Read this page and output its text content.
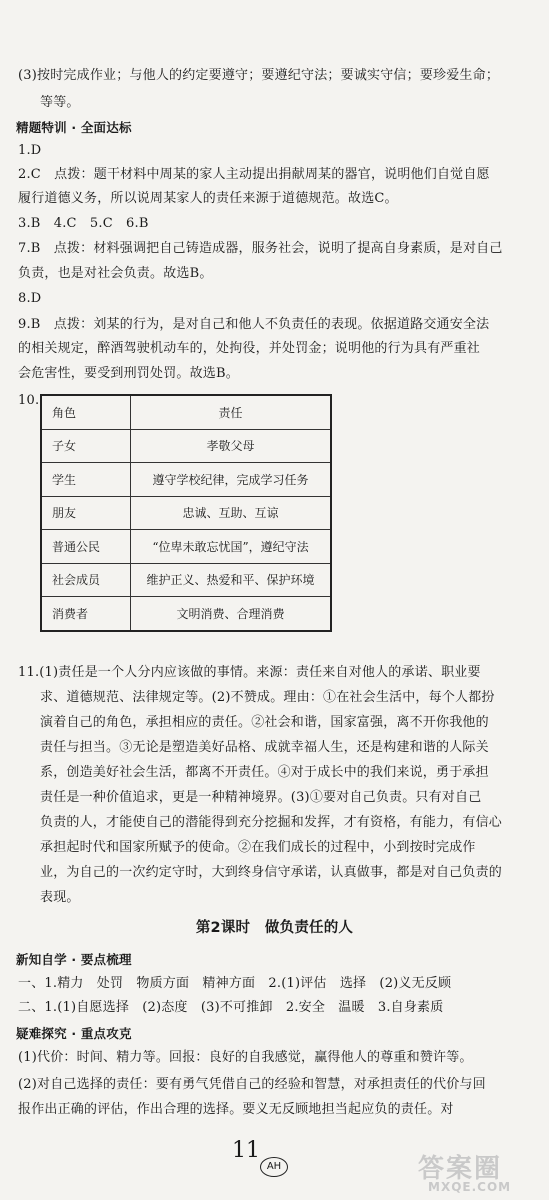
(3)按时完成作业；与他人的约定要遵守；要遵纪守法；要诚实守信；要珍爱生命；
等等。
精题特训 · 全面达标
1.D
2.C　点拨：题干材料中周某的家人主动提出捐献周某的器官，说明他们自觉自愿
履行道德义务，所以说周某家人的责任来源于道德规范。故选C。
3.B　4.C　5.C　6.B
7.B　点拨：材料强调把自己铸造成器，服务社会，说明了提高自身素质，是对自己
负责，也是对社会负责。故选B。
8.D
9.B　点拨：刘某的行为，是对自己和他人不负责任的表现。依据道路交通安全法
的相关规定，醉酒驾驶机动车的，处拘役，并处罚金；说明他的行为具有严重社
会危害性，要受到刑罚处罚。故选B。
10.
角色	责任
子女	孝敬父母
学生	遵守学校纪律，完成学习任务
朋友	忠诚、互助、互谅
普通公民	“位卑未敢忘忧国”，遵纪守法
社会成员	维护正义、热爱和平、保护环境
消费者	文明消费、合理消费
11.(1)责任是一个人分内应该做的事情。来源：责任来自对他人的承诺、职业要
求、道德规范、法律规定等。(2)不赞成。理由：①在社会生活中，每个人都扮
演着自己的角色，承担相应的责任。②社会和谐，国家富强，离不开你我他的
责任与担当。③无论是塑造美好品格、成就幸福人生，还是构建和谐的人际关
系，创造美好社会生活，都离不开责任。④对于成长中的我们来说，勇于承担
责任是一种价值追求，更是一种精神境界。(3)①要对自己负责。只有对自己
负责的人，才能使自己的潜能得到充分挖掘和发挥，才有资格，有能力，有信心
承担起时代和国家所赋予的使命。②在我们成长的过程中，小到按时完成作
业，为自己的一次约定守时，大到终身信守承诺，认真做事，都是对自己负责的
表现。
第2课时　做负责任的人
新知自学 · 要点梳理
一、1.精力　处罚　物质方面　精神方面　2.(1)评估　选择　(2)义无反顾
二、1.(1)自愿选择　(2)态度　(3)不可推卸　2.安全　温暖　3.自身素质
疑难探究 · 重点攻克
(1)代价：时间、精力等。回报：良好的自我感觉，赢得他人的尊重和赞许等。
(2)对自己选择的责任：要有勇气凭借自己的经验和智慧，对承担责任的代价与回
报作出正确的评估，作出合理的选择。要义无反顾地担当起应负的责任。对
11
AH	答案圈
MXQE.COM
